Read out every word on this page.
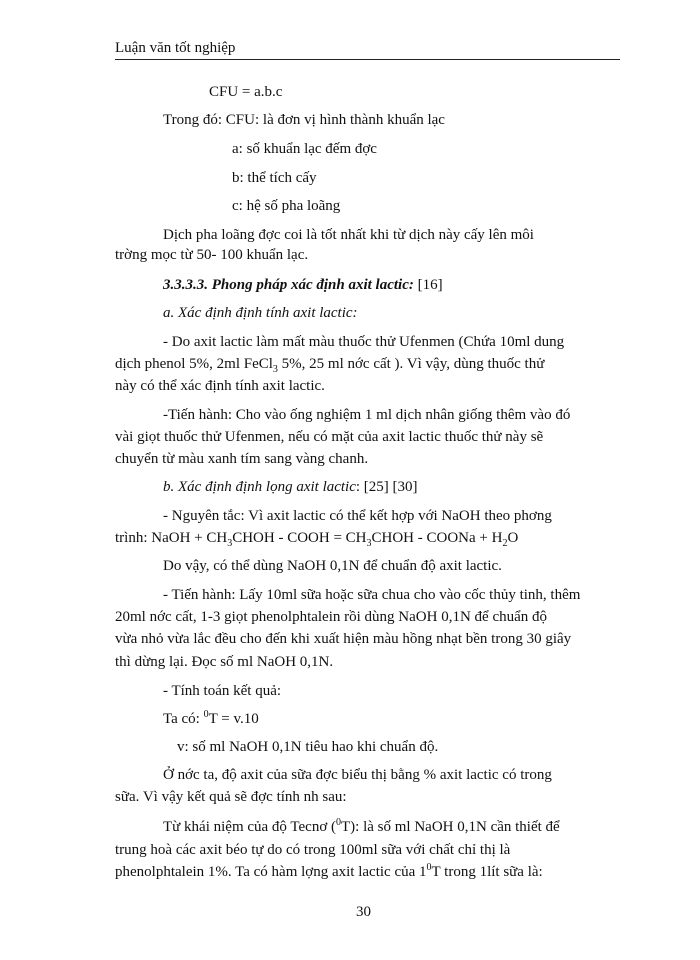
Luận văn tốt nghiệp
CFU = a.b.c
Trong đó: CFU: là đơn vị hình thành khuẩn lạc
a: số khuẩn lạc đếm đợc
b: thể tích cấy
c: hệ số pha loãng
Dịch pha loãng đợc coi là tốt nhất khi từ dịch này cấy lên môi
trờng mọc từ 50- 100 khuẩn lạc.
3.3.3.3. Phong pháp xác định axit lactic: [16]
a. Xác định định tính axit lactic:
- Do axit lactic làm mất màu thuốc thử Ufenmen (Chứa 10ml dung
dịch phenol 5%, 2ml FeCl$_3$ 5%, 25 ml nớc cất ). Vì vậy, dùng thuốc thử
này có thể xác định tính axit lactic.
-Tiến hành: Cho vào ống nghiệm 1 ml dịch nhân giống thêm vào đó
vài giọt thuốc thử Ufenmen, nếu có mặt của axit lactic thuốc thử này sẽ
chuyển từ màu xanh tím sang vàng chanh.
b. Xác định định lọng axit lactic: [25] [30]
- Nguyên tắc: Vì axit lactic có thể kết hợp với NaOH theo phơng
trình: NaOH + $CH_3CHOH$ - COOH = $CH_3CHOH$ - COONa + $H_2O$
Do vậy, có thể dùng NaOH 0,1N để chuẩn độ axit lactic.
- Tiến hành: Lấy 10ml sữa hoặc sữa chua cho vào cốc thủy tinh, thêm
20ml nớc cất, 1-3 giọt phenolphtalein rồi dùng NaOH 0,1N để chuẩn độ
vừa nhỏ vừa lắc đều cho đến khi xuất hiện màu hồng nhạt bền trong 30 giây
thì dừng lại. Đọc số ml NaOH 0,1N.
- Tính toán kết quả:
Ta có: $^0$T = v.10
v: số ml NaOH 0,1N tiêu hao khi chuẩn độ.
Ở nớc ta, độ axit của sữa đợc biểu thị bằng % axit lactic có trong
sữa. Vì vậy kết quả sẽ đợc tính nh sau:
Từ khái niệm của độ Tecnơ ($^0$T): là số ml NaOH 0,1N cần thiết để
trung hoà các axit béo tự do có trong 100ml sữa với chất chỉ thị là
phenolphtalein 1%. Ta có hàm lợng axit lactic của $1^0T$ trong 1lít sữa là:
30
